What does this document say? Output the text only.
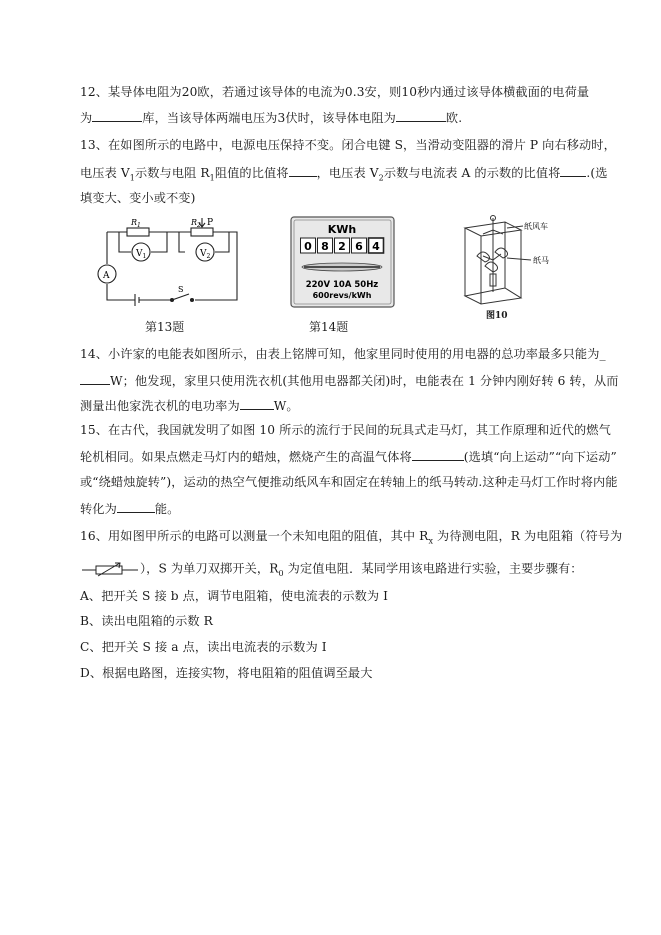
12、某导体电阻为20欧，若通过该导体的电流为0.3安，则10秒内通过该导体横截面的电荷量
为	库，当该导体两端电压为3伏时，该导体电阻为	欧.
13、在如图所示的电路中，电源电压保持不变。闭合电键 S，当滑动变阻器的滑片 P 向右移动时，
电压表 $V_1$示数与电阻 $R_1$阻值的比值将 ，电压表 $V_2$示数与电流表 A 的示数的比值将 .(选
填变大、变小或不变)
$R_1$	$R_2$ P
$V_1$	$V_2$
A
S
第13题
KWh
0 8 2 6 4
220V 10A 50Hz
600revs/kWh
第14题
纸风车
纸马
图10
14、小许家的电能表如图所示，由表上铭牌可知，他家里同时使用的用电器的总功率最多只能为_
W；他发现，家里只使用洗衣机(其他用电器都关闭)时，电能表在 1 分钟内刚好转 6 转，从而
测量出他家洗衣机的电功率为	W。
15、在古代，我国就发明了如图 10 所示的流行于民间的玩具式走马灯，其工作原理和近代的燃气
轮机相同。如果点燃走马灯内的蜡烛，燃烧产生的高温气体将	(选填“向上运动”“向下运动”
或“绕蜡烛旋转”)，运动的热空气便推动纸风车和固定在转轴上的纸马转动.这种走马灯工作时将内能
转化为	能。
16、用如图甲所示的电路可以测量一个未知电阻的阻值，其中 $R_x$ 为待测电阻，R 为电阻箱（符号为
），S 为单刀双掷开关，$R_0$ 为定值电阻．某同学用该电路进行实验，主要步骤有：
A、把开关 S 接 b 点，调节电阻箱，使电流表的示数为 I
B、读出电阻箱的示数 R
C、把开关 S 接 a 点，读出电流表的示数为 I
D、根据电路图，连接实物，将电阻箱的阻值调至最大
